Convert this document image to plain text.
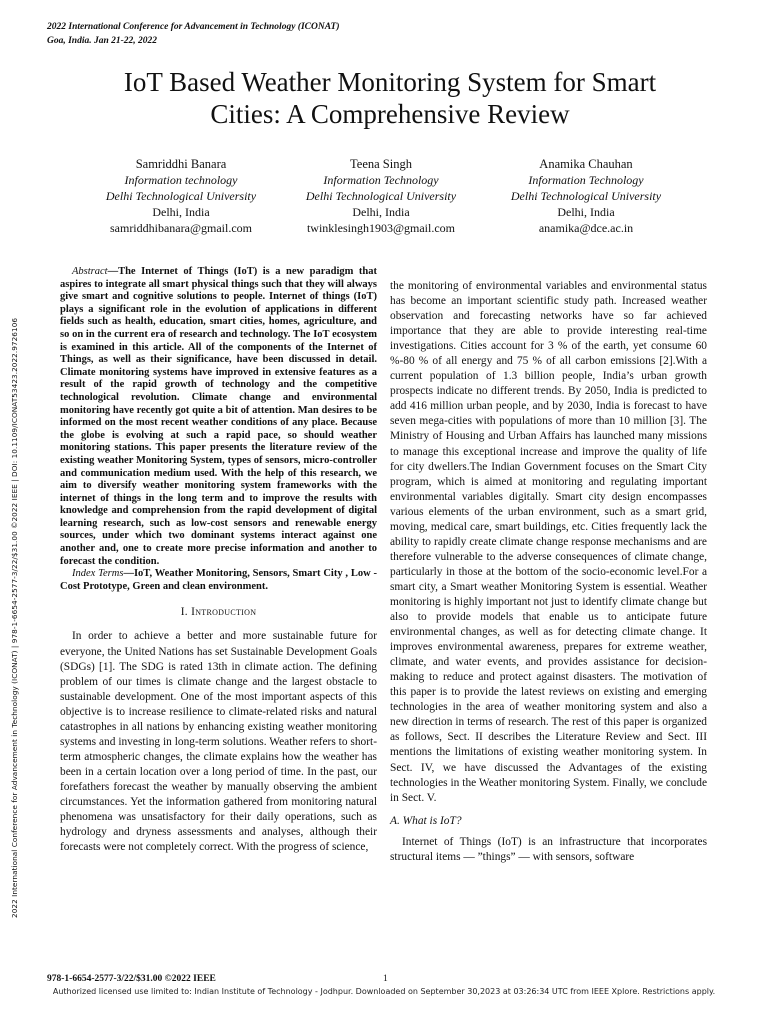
2022 International Conference for Advancement in Technology (ICONAT)
Goa, India. Jan 21-22, 2022
IoT Based Weather Monitoring System for Smart
Cities: A Comprehensive Review
Samriddhi Banara
Information technology
Delhi Technological University
Delhi, India
samriddhibanara@gmail.com
Teena Singh
Information Technology
Delhi Technological University
Delhi, India
twinklesingh1903@gmail.com
Anamika Chauhan
Information Technology
Delhi Technological University
Delhi, India
anamika@dce.ac.in
2022 International Conference for Advancement in Technology (ICONAT) | 978-1-6654-2577-3/22/$31.00 ©2022 IEEE | DOI: 10.1109/ICONAT53423.2022.9726106

Abstract—The Internet of Things (IoT) is a new paradigm that aspires to integrate all smart physical things such that they will always give smart and cognitive solutions to people. Internet of things (IoT) plays a significant role in the evolution of applications in different fields such as health, education, smart cities, homes, agriculture, and so on in the current era of research and technology. The IoT ecosystem is examined in this article. All of the components of the Internet of Things, as well as their significance, have been discussed in detail. Climate monitoring systems have improved in extensive features as a result of the rapid growth of technology and the competitive technological revolution. Climate change and environmental monitoring have recently got quite a bit of attention. Man desires to be informed on the most recent weather conditions of any place. Because the globe is evolving at such a rapid pace, so should weather monitoring stations. This paper presents the literature review of the existing weather Monitoring System, types of sensors, micro-controller and communication medium used. With the help of this research, we aim to diversify weather monitoring system frameworks with the internet of things in the long term and to improve the results with knowledge and comprehension from the rapid development of digital learning research, such as low-cost sensors and renewable energy sources, under which two dominant systems interact against one another and, one to create more precise information and another to forecast the condition.

Index Terms—IoT, Weather Monitoring, Sensors, Smart City , Low -Cost Prototype, Green and clean environment.

I. Introduction

In order to achieve a better and more sustainable future for everyone, the United Nations has set Sustainable Development Goals (SDGs) [1]. The SDG is rated 13th in climate action. The defining problem of our times is climate change and the largest obstacle to sustainable development. One of the most important aspects of this objective is to increase resilience to climate-related risks and natural catastrophes in all nations by enhancing existing weather monitoring systems and investing in long-term solutions. Weather refers to short-term atmospheric changes, the climate explains how the weather has been in a certain location over a long period of time. In the past, our forefathers forecast the weather by manually observing the ambient circumstances. Yet the information gathered from monitoring natural phenomena was unsatisfactory for their daily operations, such as hydrology and dryness assessments and analyses, although their forecasts were not completely correct. With the progress of science,

the monitoring of environmental variables and environmental status has become an important scientific study path. Increased weather observation and forecasting networks have so far achieved importance that they are able to provide interesting real-time investigations. Cities account for 3 % of the earth, yet consume 60 %-80 % of all energy and 75 % of all carbon emissions [2].With a current population of 1.3 billion people, India’s urban growth prospects indicate no different trends. By 2050, India is predicted to add 416 million urban people, and by 2030, India is forecast to have seven mega-cities with populations of more than 10 million [3]. The Ministry of Housing and Urban Affairs has launched many missions to manage this exceptional increase and improve the quality of life for city dwellers.The Indian Government focuses on the Smart City program, which is aimed at monitoring and regulating important environmental variables digitally. Smart city design encompasses various elements of the urban environment, such as a smart grid, moving, medical care, smart buildings, etc. Cities frequently lack the ability to rapidly create climate change response mechanisms and are therefore vulnerable to the adverse consequences of climate change, particularly in those at the bottom of the socio-economic level.For a smart city, a Smart weather Monitoring System is essential. Weather monitoring is highly important not just to identify climate change but also to provide models that enable us to anticipate future environmental changes, as well as for detecting climate change. It improves environmental awareness, prepares for extreme weather, climate, and water events, and provides assistance for decision-making to reduce and protect against disasters. The motivation of this paper is to provide the latest reviews on existing and emerging technologies in the area of weather monitoring system and also a new direction in terms of research. The rest of this paper is organized as follows, Sect. II describes the Literature Review and Sect. III mentions the limitations of existing weather monitoring system. In Sect. IV, we have discussed the Advantages of the existing technologies in the Weather monitoring System. Finally, we conclude in Sect. V.

A. What is IoT?

Internet of Things (IoT) is an infrastructure that incorporates structural items — ”things” — with sensors, software

978-1-6654-2577-3/22/$31.00 ©2022 IEEE	1
Authorized licensed use limited to: Indian Institute of Technology - Jodhpur. Downloaded on September 30,2023 at 03:26:34 UTC from IEEE Xplore. Restrictions apply.
